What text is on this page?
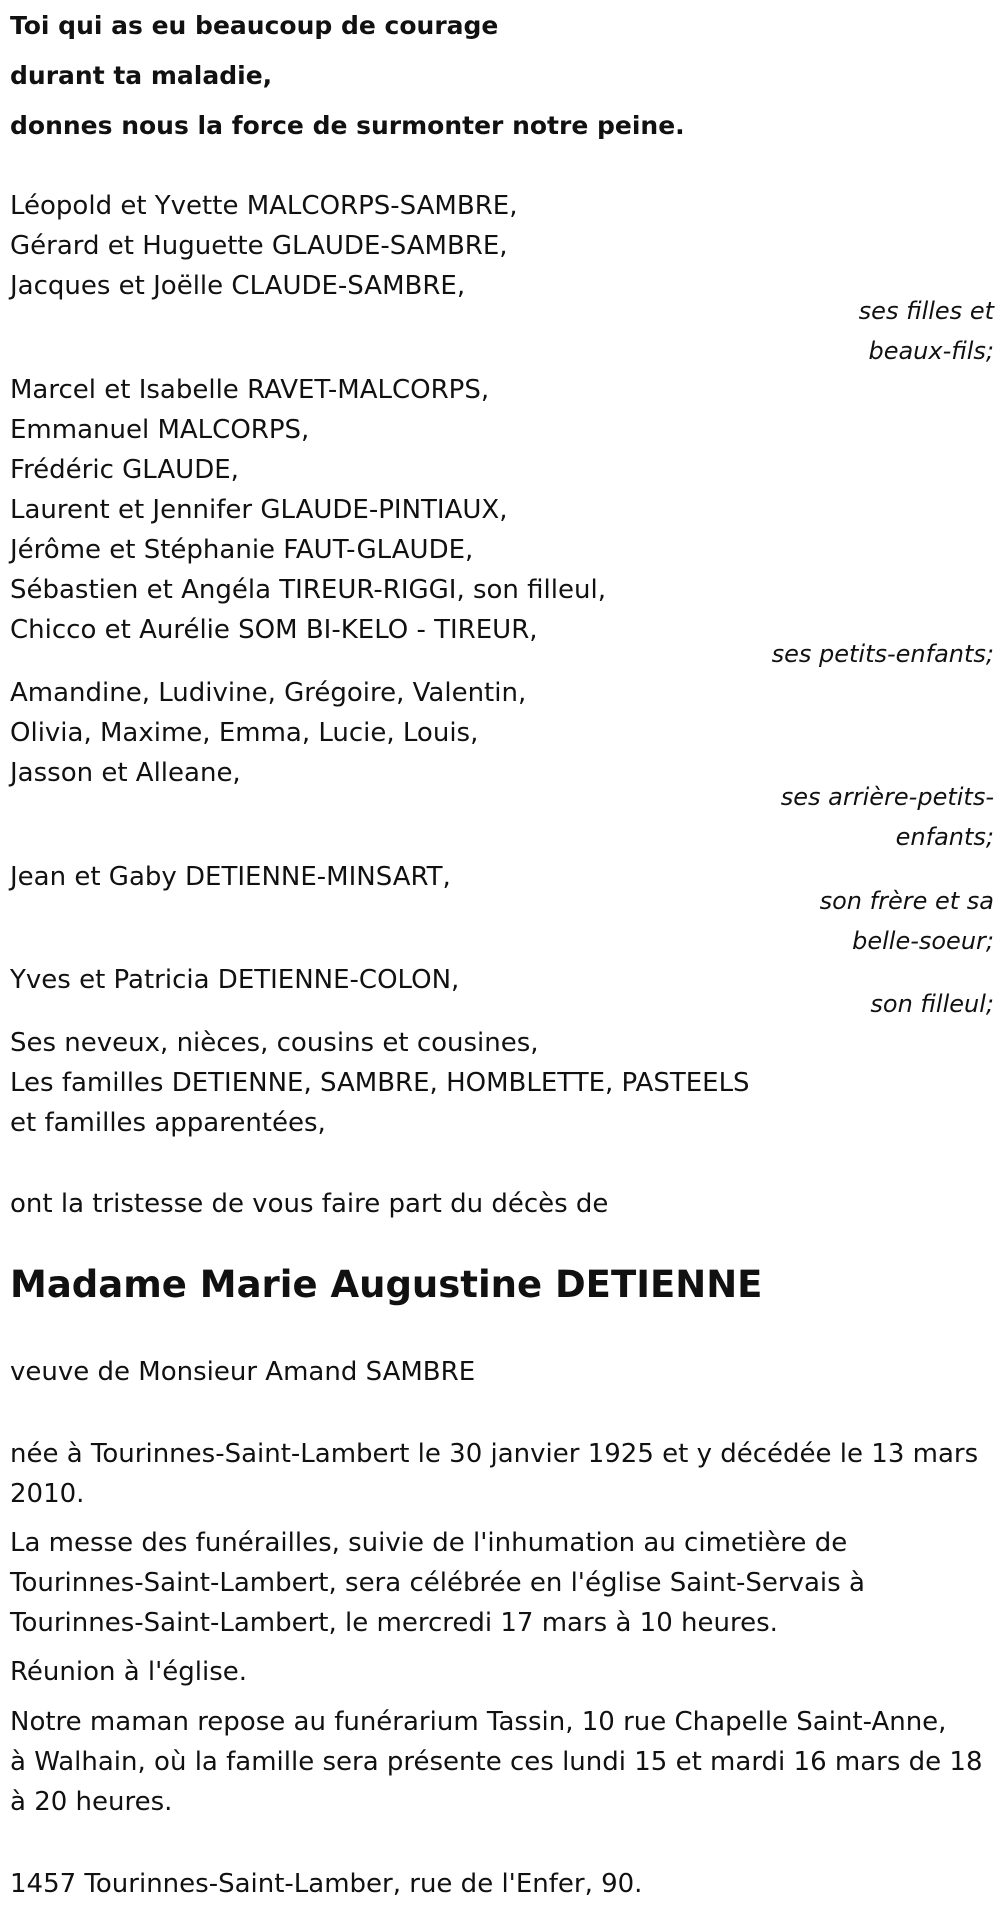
Toi qui as eu beaucoup de courage
durant ta maladie,
donnes nous la force de surmonter notre peine.
Léopold et Yvette MALCORPS-SAMBRE,
Gérard et Huguette GLAUDE-SAMBRE,
Jacques et Joëlle CLAUDE-SAMBRE,
ses filles et
beaux-fils;
Marcel et Isabelle RAVET-MALCORPS,
Emmanuel MALCORPS,
Frédéric GLAUDE,
Laurent et Jennifer GLAUDE-PINTIAUX,
Jérôme et Stéphanie FAUT-GLAUDE,
Sébastien et Angéla TIREUR-RIGGI, son filleul,
Chicco et Aurélie SOM BI-KELO - TIREUR,
ses petits-enfants;
Amandine, Ludivine, Grégoire, Valentin,
Olivia, Maxime, Emma, Lucie, Louis,
Jasson et Alleane,
ses arrière-petits-
enfants;
Jean et Gaby DETIENNE-MINSART,
son frère et sa
belle-soeur;
Yves et Patricia DETIENNE-COLON,
son filleul;
Ses neveux, nièces, cousins et cousines,
Les familles DETIENNE, SAMBRE, HOMBLETTE, PASTEELS
et familles apparentées,
ont la tristesse de vous faire part du décès de
Madame Marie Augustine DETIENNE
veuve de Monsieur Amand SAMBRE
née à Tourinnes-Saint-Lambert le 30 janvier 1925 et y décédée le 13 mars
2010.
La messe des funérailles, suivie de l'inhumation au cimetière de
Tourinnes-Saint-Lambert, sera célébrée en l'église Saint-Servais à
Tourinnes-Saint-Lambert, le mercredi 17 mars à 10 heures.
Réunion à l'église.
Notre maman repose au funérarium Tassin, 10 rue Chapelle Saint-Anne,
à Walhain, où la famille sera présente ces lundi 15 et mardi 16 mars de 18
à 20 heures.
1457 Tourinnes-Saint-Lamber, rue de l'Enfer, 90.
